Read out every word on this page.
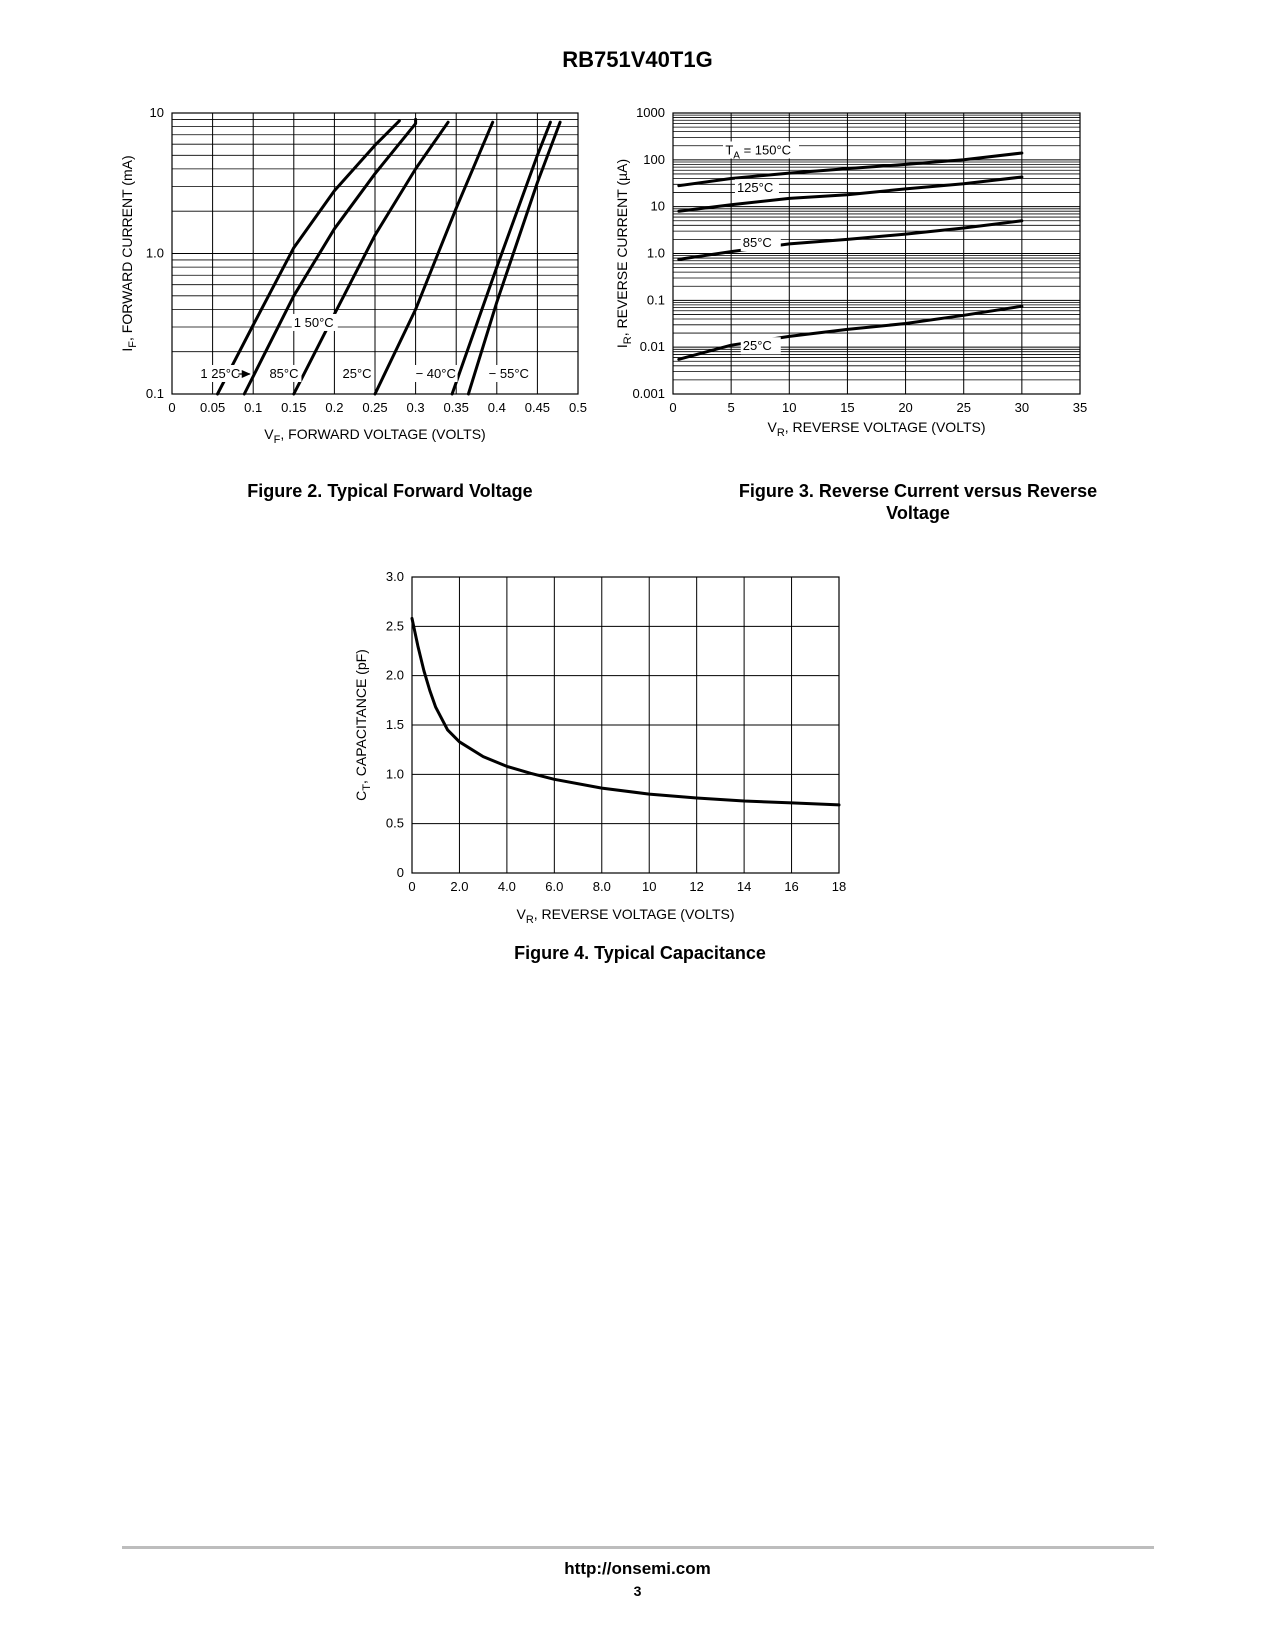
RB751V40T1G
0 0.05 0.1 0.15 0.2 0.25 0.3 0.35 0.4 0.45 0.5
0.1
1.0
10
1 50°C
1 25°C 85°C	25°C	− 40°C	− 55°C
$V_F$, FORWARD VOLTAGE (VOLTS)
$I_F$, FORWARD CURRENT (mA)
Figure 2. Typical Forward Voltage
0	5	10	15	20	25	30	35
0.001
0.01
0.1
1.0
10
100
1000
$T_A = 150^\circ C$
125°C
85°C
25°C
$V_R$, REVERSE VOLTAGE (VOLTS)
$I_R$, REVERSE CURRENT (µA)
Figure 3. Reverse Current versus Reverse Voltage
0	2.0 4.0 6.0 8.0 10	12	14	16	18
0
0.5
1.0
1.5
2.0
2.5
3.0
$V_R$, REVERSE VOLTAGE (VOLTS)
$C_T$, CAPACITANCE (pF)
Figure 4. Typical Capacitance
http://onsemi.com
3
